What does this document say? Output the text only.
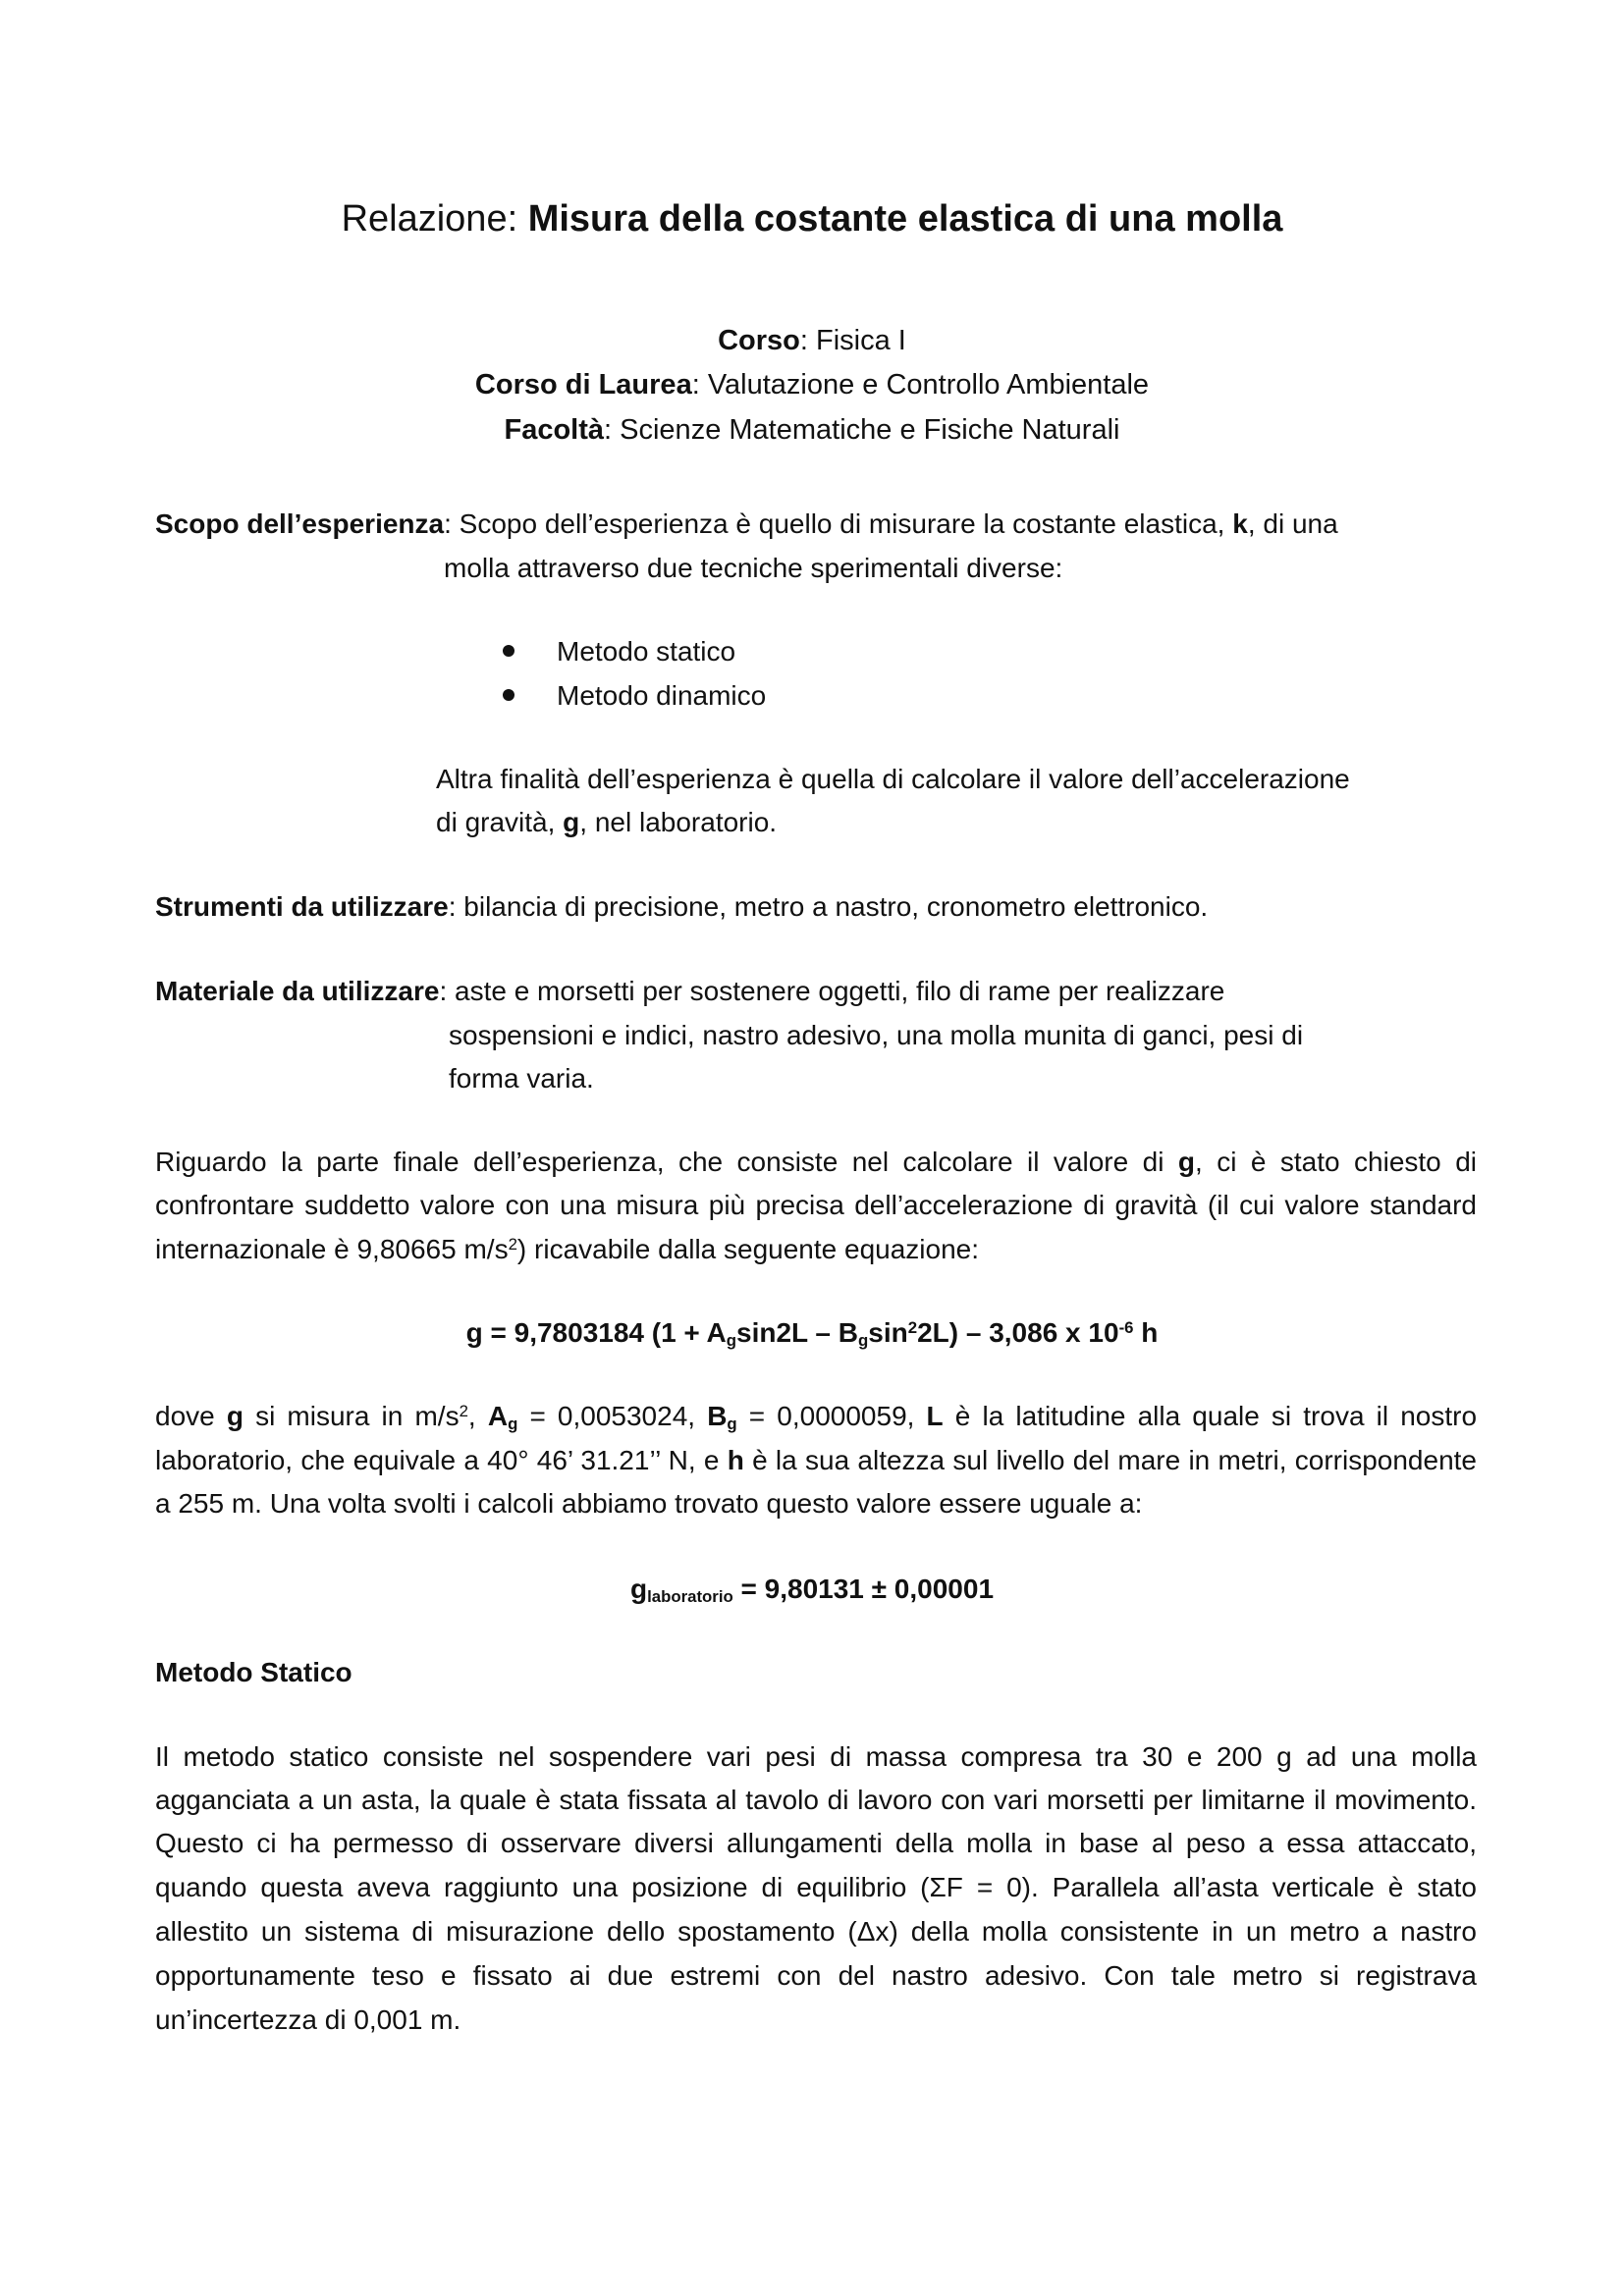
Relazione: Misura della costante elastica di una molla
Corso: Fisica I
Corso di Laurea: Valutazione e Controllo Ambientale
Facoltà: Scienze Matematiche e Fisiche Naturali
Scopo dell’esperienza: Scopo dell’esperienza è quello di misurare la costante elastica, k, di una
molla attraverso due tecniche sperimentali diverse:
Metodo statico
Metodo dinamico
Altra finalità dell’esperienza è quella di calcolare il valore dell’accelerazione
di gravità, g, nel laboratorio.
Strumenti da utilizzare: bilancia di precisione, metro a nastro, cronometro elettronico.
Materiale da utilizzare: aste e morsetti per sostenere oggetti, filo di rame per realizzare
sospensioni e indici, nastro adesivo, una molla munita di ganci, pesi di
forma varia.
Riguardo la parte finale dell’esperienza, che consiste nel calcolare il valore di g, ci è stato chiesto di
confrontare suddetto valore con una misura più precisa dell’accelerazione di gravità (il cui valore standard
internazionale è 9,80665 $m/s^2$) ricavabile dalla seguente equazione:
g = 9,7803184 $(1 + A_g\sin 2L - B_g\sin^22L) - 3,086$ x $10^{-6}$ h
dove g si misura in $m/s^2$, $A_g = 0,0053024$, $B_g = 0,0000059$, L è la latitudine alla quale si trova il nostro
laboratorio, che equivale a 40° 46’ 31.21’’ N, e h è la sua altezza sul livello del mare in metri, corrispondente
a 255 m. Una volta svolti i calcoli abbiamo trovato questo valore essere uguale a:
$g_{laboratorio} = 9,80131 \pm 0,00001$
Metodo Statico
Il metodo statico consiste nel sospendere vari pesi di massa compresa tra 30 e 200 g ad una molla
agganciata a un asta, la quale è stata fissata al tavolo di lavoro con vari morsetti per limitarne il movimento.
Questo ci ha permesso di osservare diversi allungamenti della molla in base al peso a essa attaccato,
quando questa aveva raggiunto una posizione di equilibrio (ΣF = 0). Parallela all’asta verticale è stato
allestito un sistema di misurazione dello spostamento (Δx) della molla consistente in un metro a nastro
opportunamente teso e fissato ai due estremi con del nastro adesivo. Con tale metro si registrava
un’incertezza di 0,001 m.
